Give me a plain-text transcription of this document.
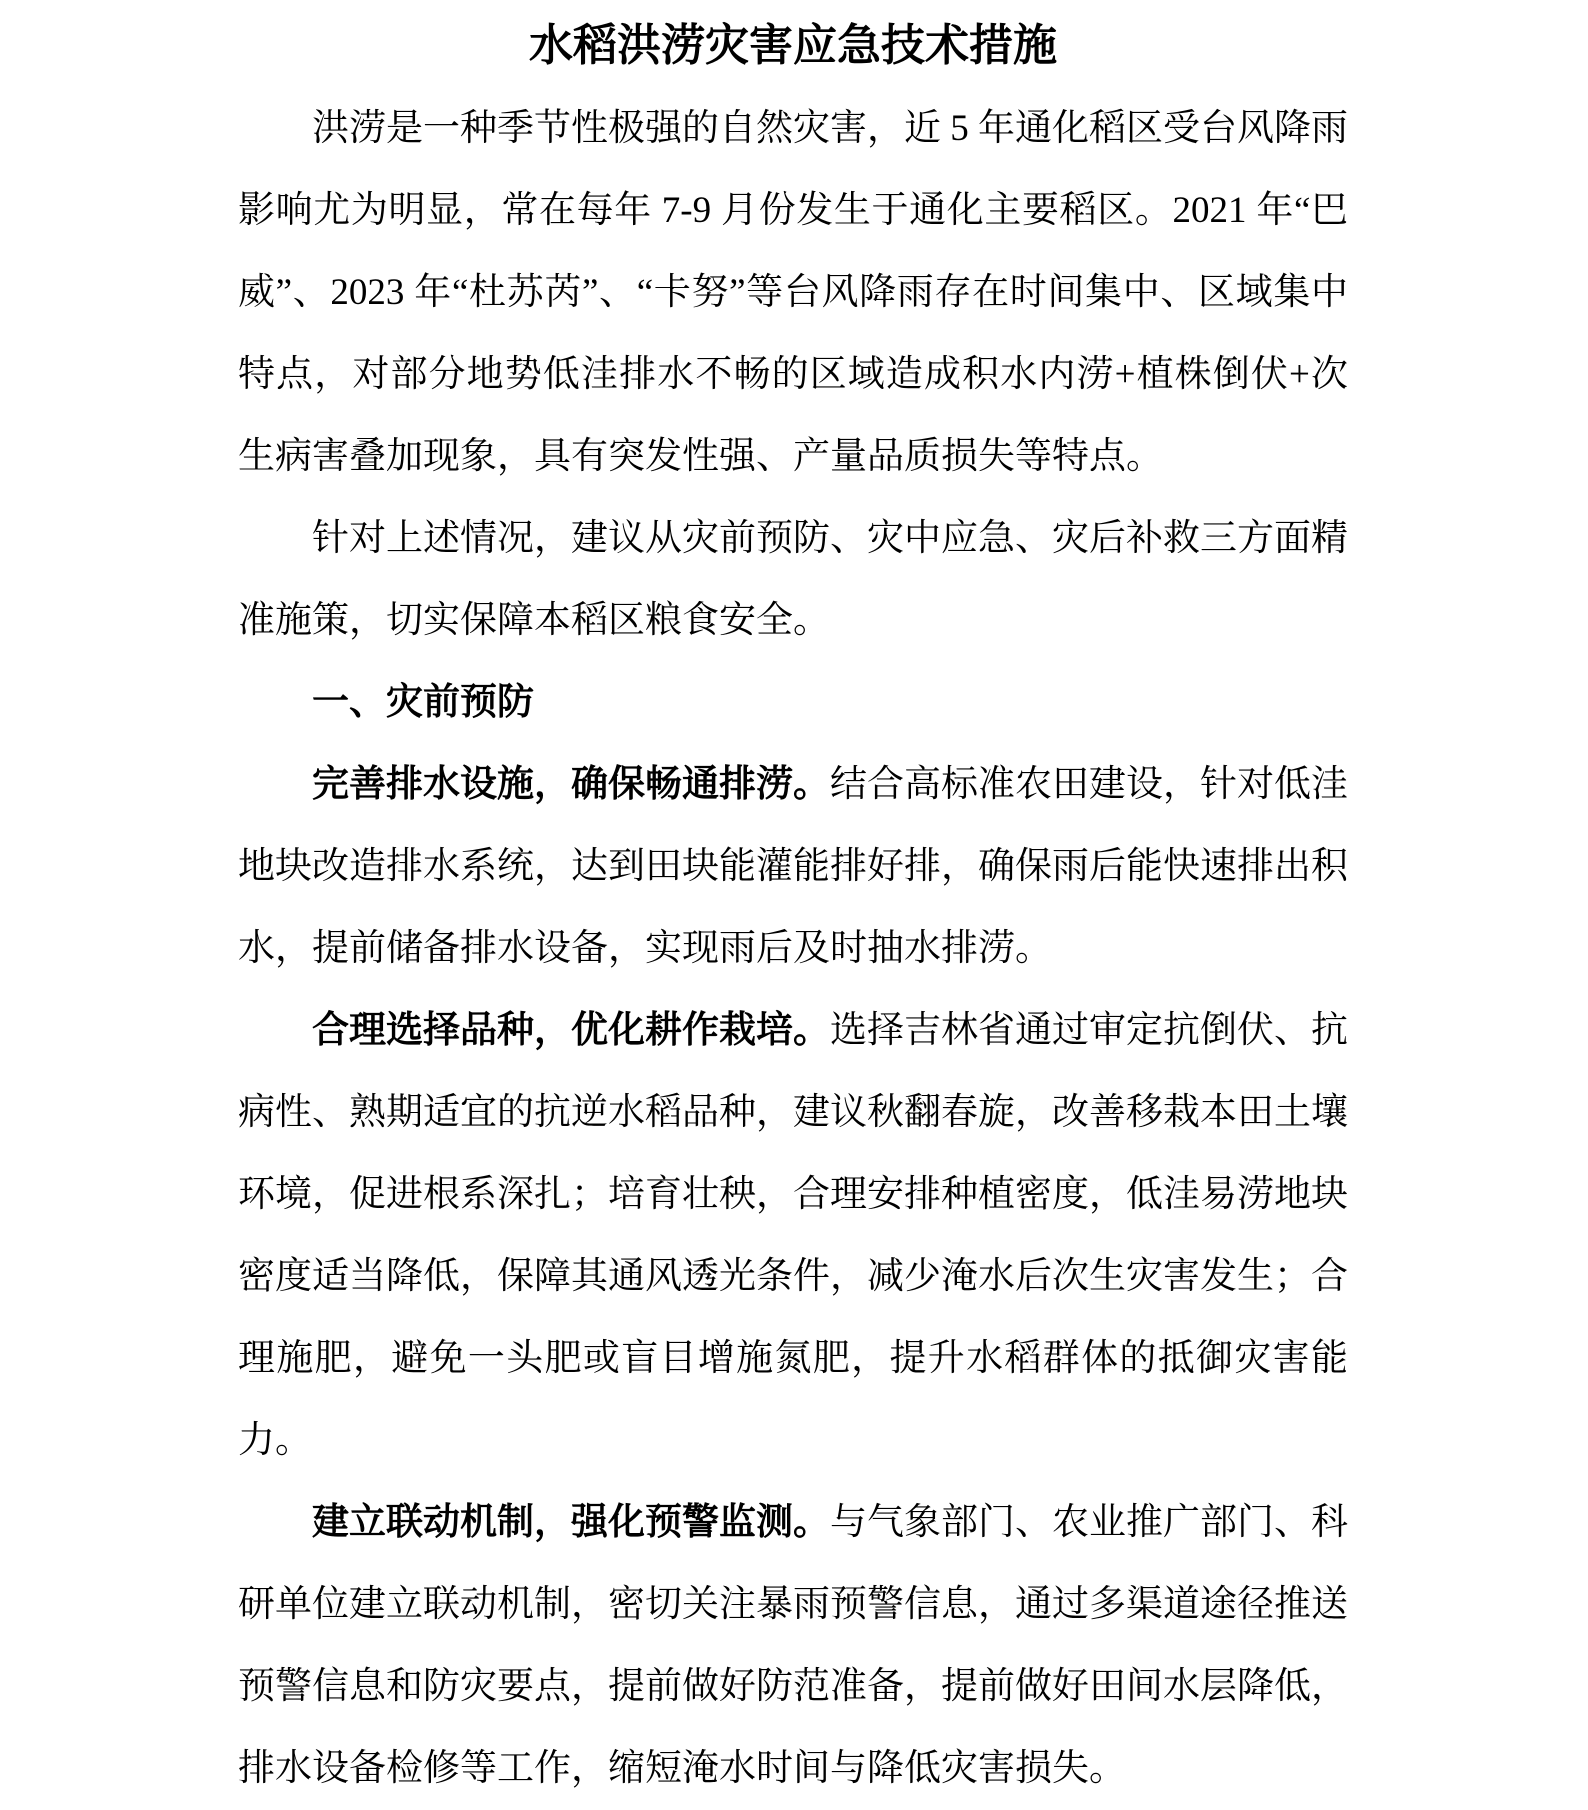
水稻洪涝灾害应急技术措施

洪涝是一种季节性极强的自然灾害，近 5 年通化稻区受台风降雨影响尤为明显，常在每年 7-9 月份发生于通化主要稻区。2021 年“巴威”、2023 年“杜苏芮”、“卡努”等台风降雨存在时间集中、区域集中特点，对部分地势低洼排水不畅的区域造成积水内涝+植株倒伏+次生病害叠加现象，具有突发性强、产量品质损失等特点。

针对上述情况，建议从灾前预防、灾中应急、灾后补救三方面精准施策，切实保障本稻区粮食安全。

一、灾前预防

完善排水设施，确保畅通排涝。结合高标准农田建设，针对低洼地块改造排水系统，达到田块能灌能排好排，确保雨后能快速排出积水，提前储备排水设备，实现雨后及时抽水排涝。

合理选择品种，优化耕作栽培。选择吉林省通过审定抗倒伏、抗病性、熟期适宜的抗逆水稻品种，建议秋翻春旋，改善移栽本田土壤环境，促进根系深扎；培育壮秧，合理安排种植密度，低洼易涝地块密度适当降低，保障其通风透光条件，减少淹水后次生灾害发生；合理施肥，避免一头肥或盲目增施氮肥，提升水稻群体的抵御灾害能力。

建立联动机制，强化预警监测。与气象部门、农业推广部门、科研单位建立联动机制，密切关注暴雨预警信息，通过多渠道途径推送预警信息和防灾要点，提前做好防范准备，提前做好田间水层降低，排水设备检修等工作，缩短淹水时间与降低灾害损失。
